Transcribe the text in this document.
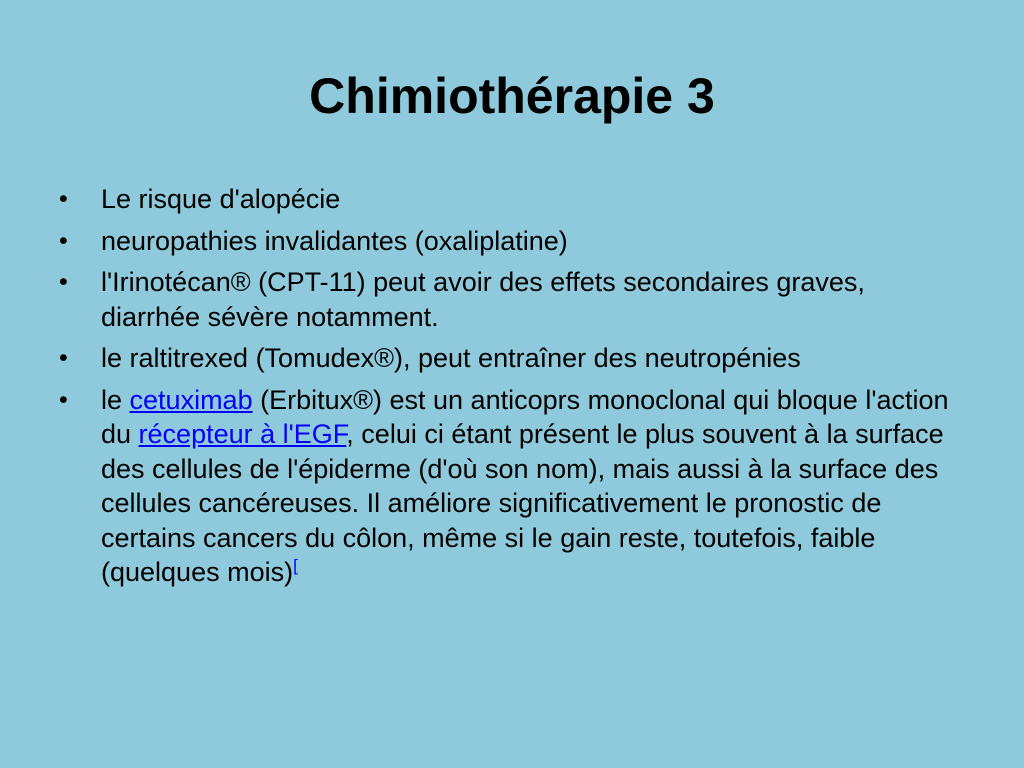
Chimiothérapie 3
• Le risque d'alopécie
• neuropathies invalidantes (oxaliplatine)
• l'Irinotécan® (CPT-11) peut avoir des effets secondaires graves, diarrhée sévère notamment.
• le raltitrexed (Tomudex®), peut entraîner des neutropénies
• le cetuximab (Erbitux®) est un anticoprs monoclonal qui bloque l'action du récepteur à l'EGF, celui ci étant présent le plus souvent à la surface des cellules de l'épiderme (d'où son nom), mais aussi à la surface des cellules cancéreuses. Il améliore significativement le pronostic de certains cancers du côlon, même si le gain reste, toutefois, faible (quelques mois)[
